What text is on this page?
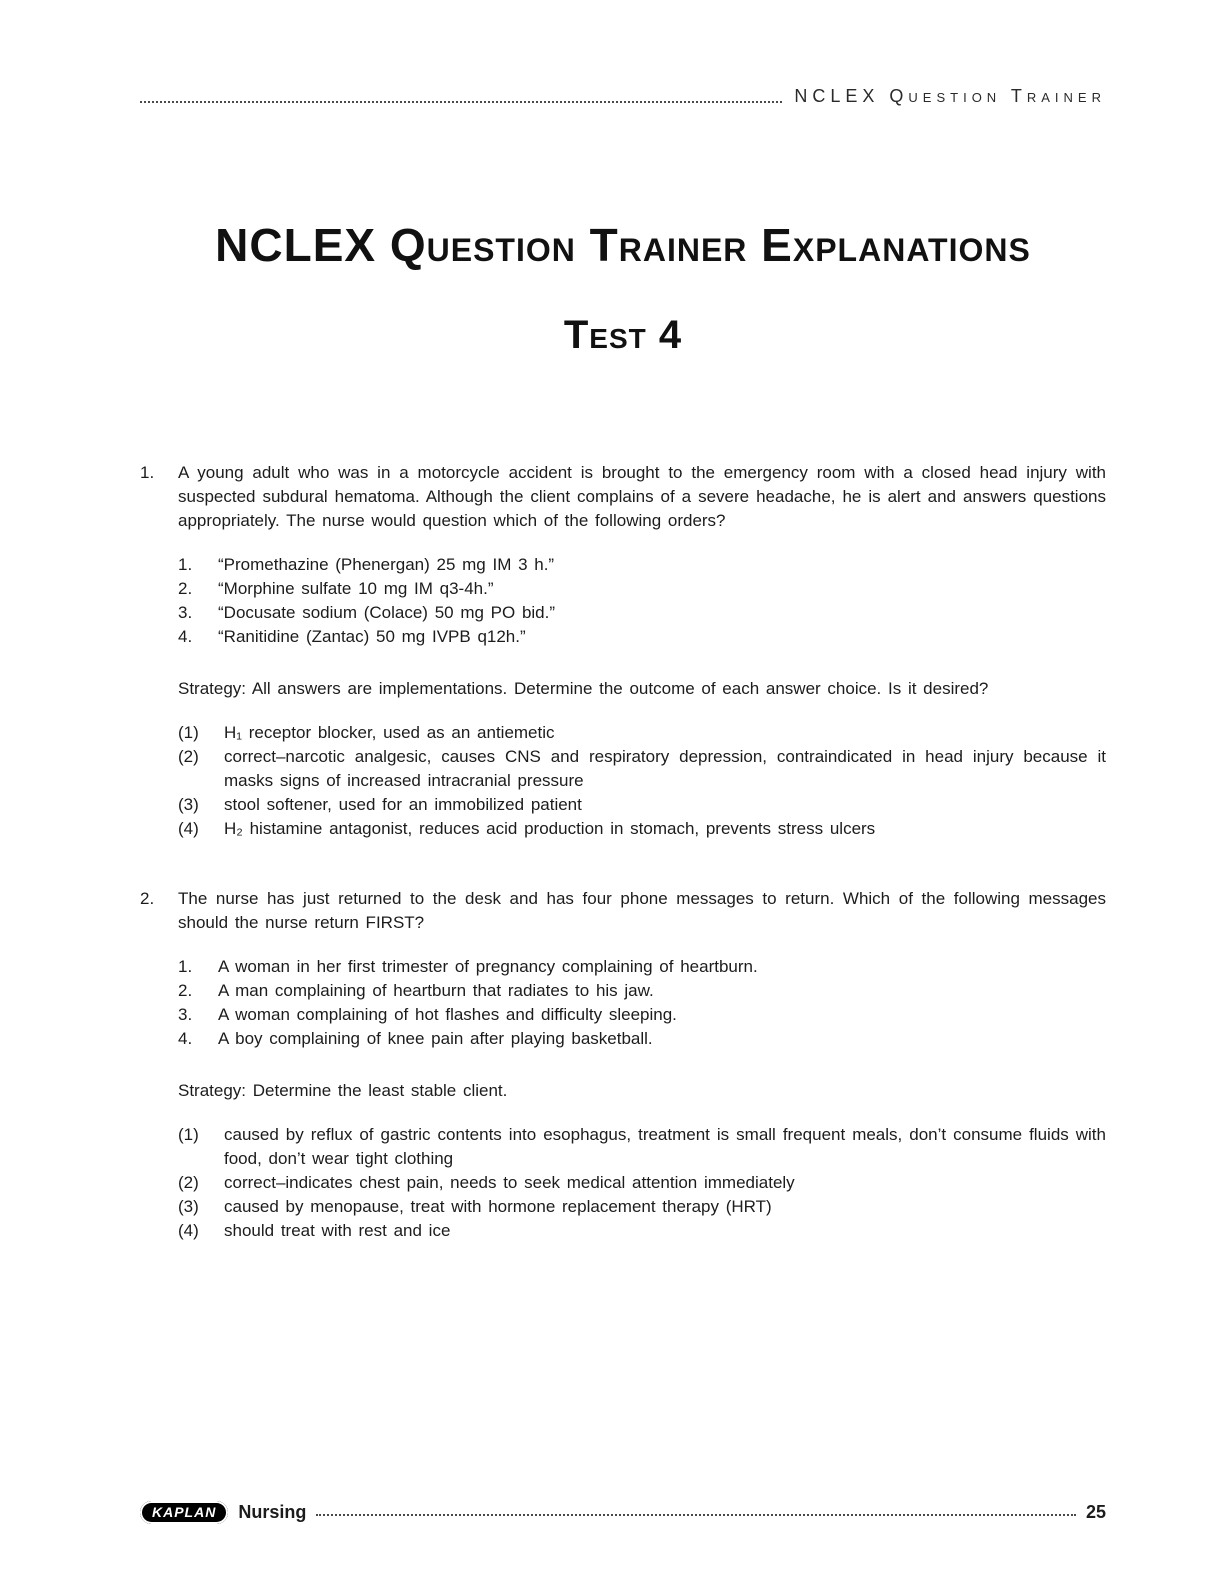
NCLEX Question Trainer
NCLEX Question Trainer Explanations
Test 4
1.	A young adult who was in a motorcycle accident is brought to the emergency room with a closed head injury with suspected subdural hematoma. Although the client complains of a severe headache, he is alert and answers questions appropriately. The nurse would question which of the following orders?

1.	“Promethazine (Phenergan) 25 mg IM 3 h.”
2.	“Morphine sulfate 10 mg IM q3-4h.”
3.	“Docusate sodium (Colace) 50 mg PO bid.”
4.	“Ranitidine (Zantac) 50 mg IVPB q12h.”

Strategy: All answers are implementations. Determine the outcome of each answer choice. Is it desired?

(1)	H₁ receptor blocker, used as an antiemetic
(2)	correct–narcotic analgesic, causes CNS and respiratory depression, contraindicated in head injury because it masks signs of increased intracranial pressure
(3)	stool softener, used for an immobilized patient
(4)	H₂ histamine antagonist, reduces acid production in stomach, prevents stress ulcers
2.	The nurse has just returned to the desk and has four phone messages to return. Which of the following messages should the nurse return FIRST?

1.	A woman in her first trimester of pregnancy complaining of heartburn.
2.	A man complaining of heartburn that radiates to his jaw.
3.	A woman complaining of hot flashes and difficulty sleeping.
4.	A boy complaining of knee pain after playing basketball.

Strategy: Determine the least stable client.

(1)	caused by reflux of gastric contents into esophagus, treatment is small frequent meals, don’t consume fluids with food, don’t wear tight clothing
(2)	correct–indicates chest pain, needs to seek medical attention immediately
(3)	caused by menopause, treat with hormone replacement therapy (HRT)
(4)	should treat with rest and ice
KAPLAN	Nursing	25
